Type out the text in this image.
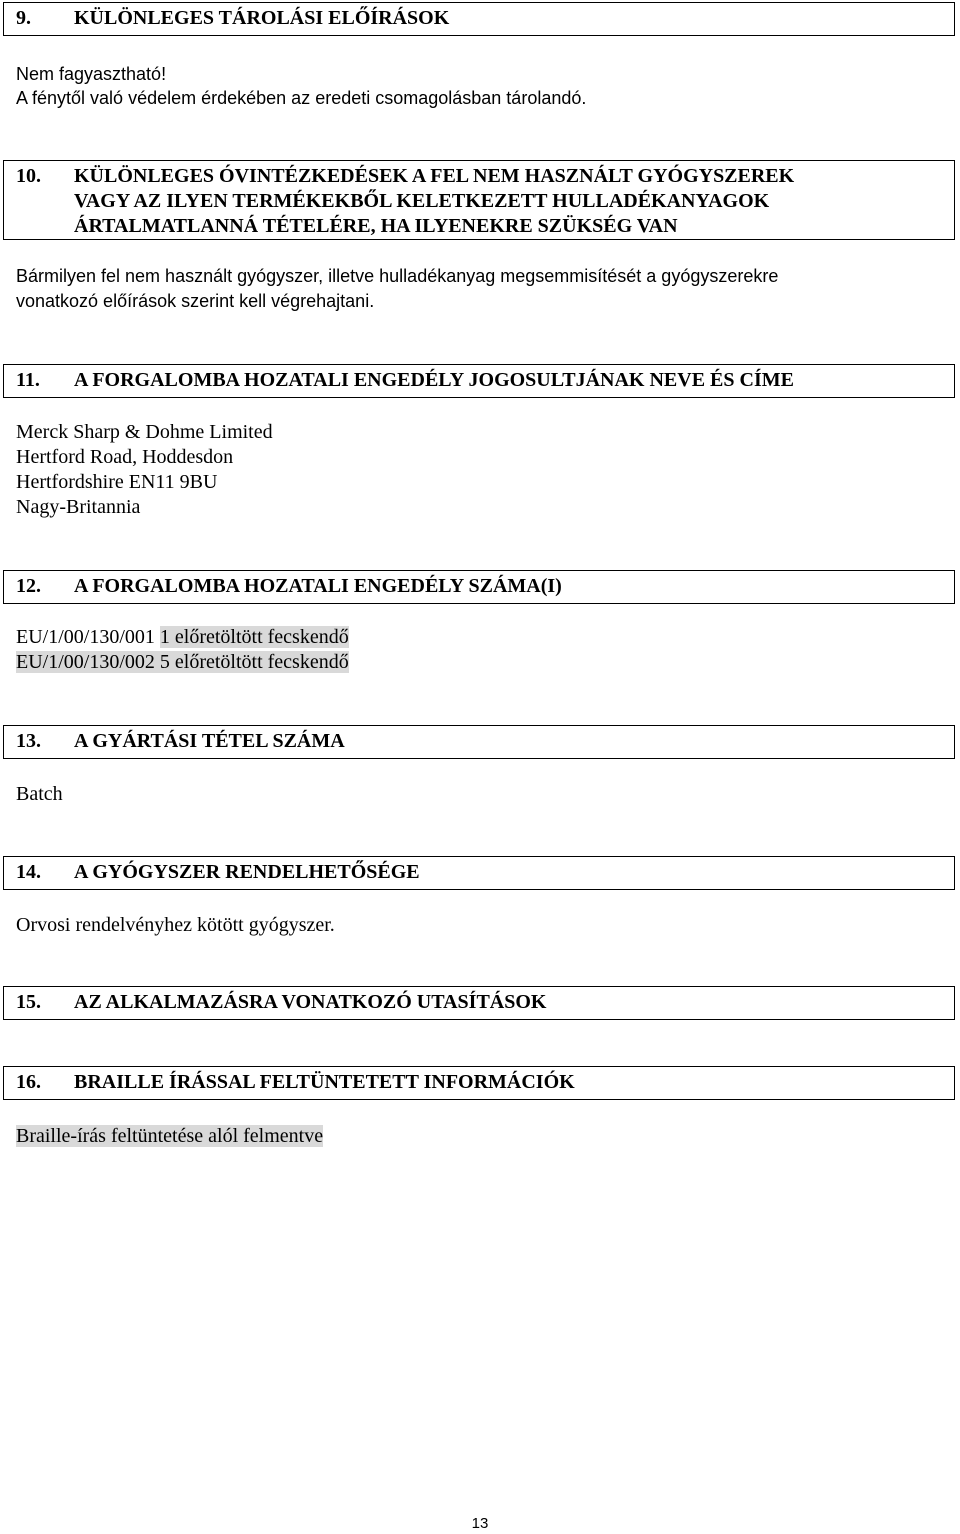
9. KÜLÖNLEGES TÁROLÁSI ELŐÍRÁSOK
Nem fagyasztható!
A fénytől való védelem érdekében az eredeti csomagolásban tárolandó.
10. KÜLÖNLEGES ÓVINTÉZKEDÉSEK A FEL NEM HASZNÁLT GYÓGYSZEREK
VAGY AZ ILYEN TERMÉKEKBŐL KELETKEZETT HULLADÉKANYAGOK
ÁRTALMATLANNÁ TÉTELÉRE, HA ILYENEKRE SZÜKSÉG VAN
Bármilyen fel nem használt gyógyszer, illetve hulladékanyag megsemmisítését a gyógyszerekre
vonatkozó előírások szerint kell végrehajtani.
11. A FORGALOMBA HOZATALI ENGEDÉLY JOGOSULTJÁNAK NEVE ÉS CÍME
Merck Sharp & Dohme Limited
Hertford Road, Hoddesdon
Hertfordshire EN11 9BU
Nagy-Britannia
12. A FORGALOMBA HOZATALI ENGEDÉLY SZÁMA(I)
EU/1/00/130/001 1 előretöltött fecskendő
EU/1/00/130/002 5 előretöltött fecskendő
13. A GYÁRTÁSI TÉTEL SZÁMA
Batch
14. A GYÓGYSZER RENDELHETŐSÉGE
Orvosi rendelvényhez kötött gyógyszer.
15. AZ ALKALMAZÁSRA VONATKOZÓ UTASÍTÁSOK
16. BRAILLE ÍRÁSSAL FELTÜNTETETT INFORMÁCIÓK
Braille-írás feltüntetése alól felmentve
13
